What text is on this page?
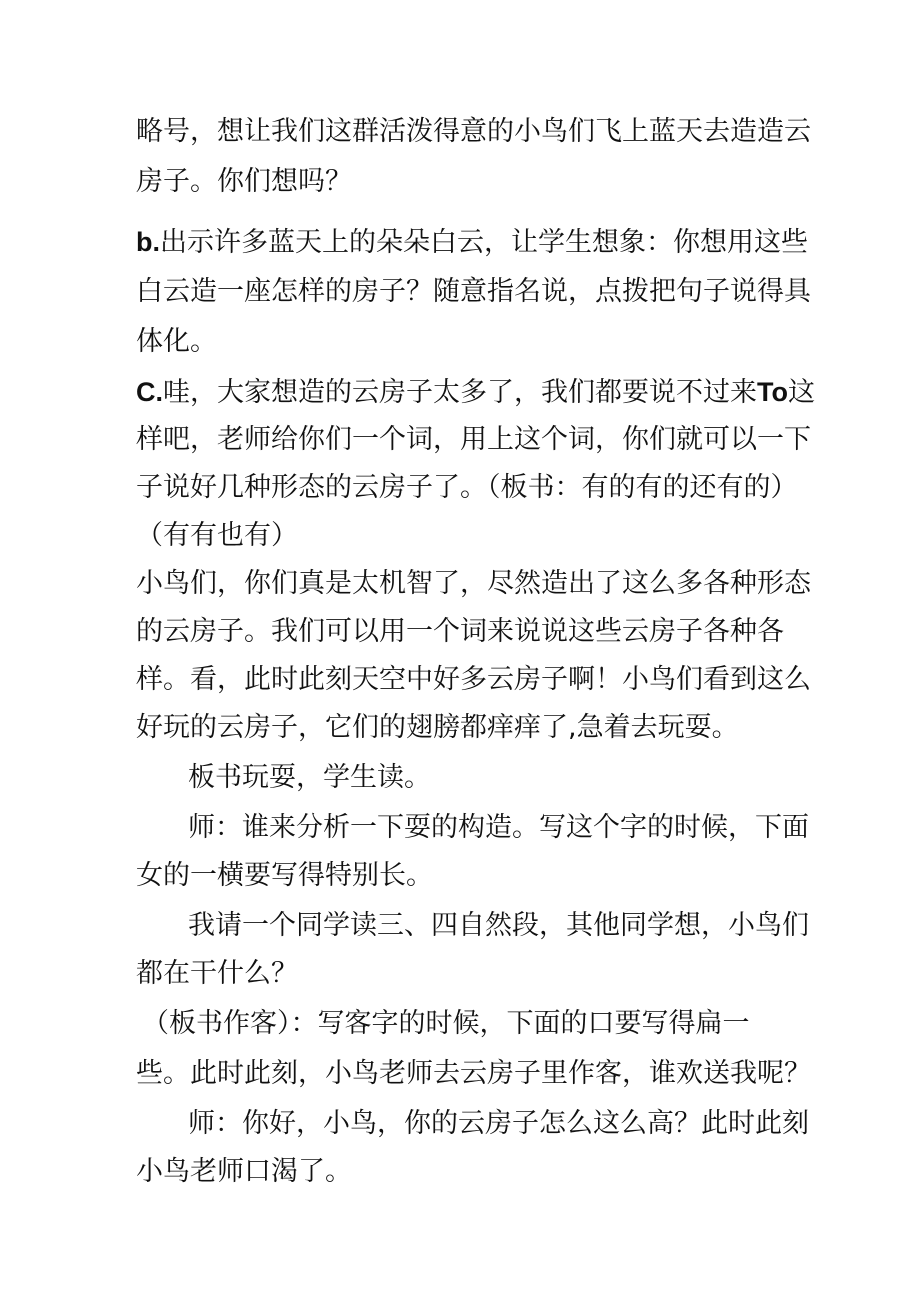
略号，想让我们这群活泼得意的小鸟们飞上蓝天去造造云
房子。你们想吗？
b.出示许多蓝天上的朵朵白云，让学生想象：你想用这些
白云造一座怎样的房子？随意指名说，点拨把句子说得具
体化。
C.哇，大家想造的云房子太多了，我们都要说不过来To这
样吧，老师给你们一个词，用上这个词，你们就可以一下
子说好几种形态的云房子了。（板书：有的有的还有的）
（有有也有）
小鸟们，你们真是太机智了，尽然造出了这么多各种形态
的云房子。我们可以用一个词来说说这些云房子各种各
样。看，此时此刻天空中好多云房子啊！小鸟们看到这么
好玩的云房子，它们的翅膀都痒痒了,急着去玩耍。
板书玩耍，学生读。
师：谁来分析一下耍的构造。写这个字的时候，下面
女的一横要写得特别长。
我请一个同学读三、四自然段，其他同学想，小鸟们
都在干什么？
（板书作客）：写客字的时候，下面的口要写得扁一
些。此时此刻，小鸟老师去云房子里作客，谁欢送我呢？
师：你好，小鸟，你的云房子怎么这么高？此时此刻
小鸟老师口渴了。
